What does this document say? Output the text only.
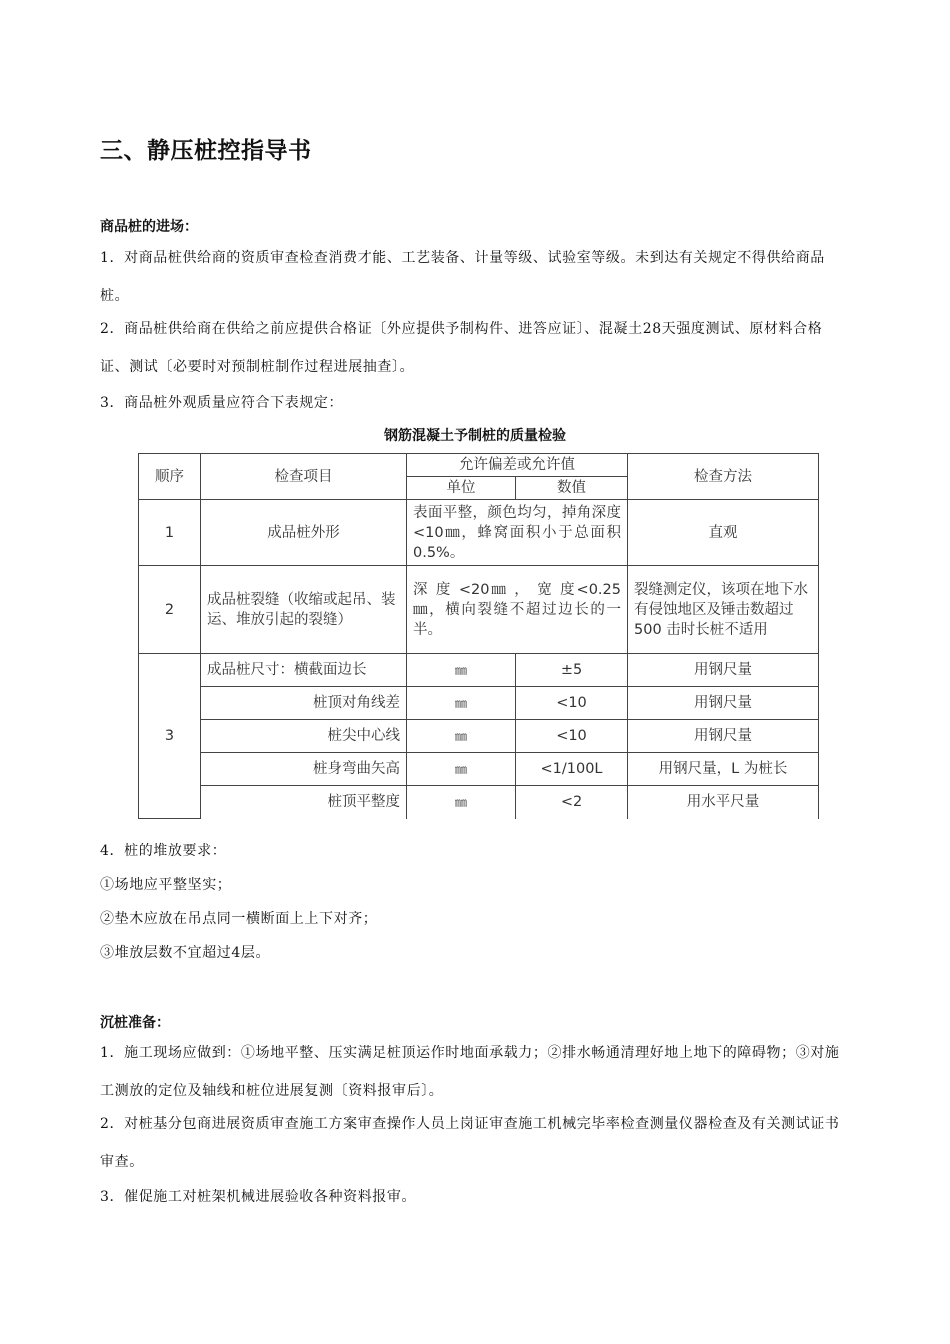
三、静压桩控指导书
商品桩的进场：
1．对商品桩供给商的资质审查检查消费才能、工艺装备、计量等级、试验室等级。未到达有关规定不得供给商品桩。
2．商品桩供给商在供给之前应提供合格证〔外应提供予制构件、进答应证〕、混凝土28天强度测试、原材料合格证、测试〔必要时对预制桩制作过程进展抽查〕。
3．商品桩外观质量应符合下表规定：
钢筋混凝土予制桩的质量检验
顺序	检查项目	允许偏差或允许值		检查方法
		单位	数值	
1	成品桩外形	表面平整，颜色均匀，掉角深度<10㎜，蜂窝面积小于总面积 0.5%。		直观
2	成品桩裂缝（收缩或起吊、装运、堆放引起的裂缝）	深 度 <20㎜ ， 宽 度<0.25㎜，横向裂缝不超过边长的一半。		裂缝测定仪，该项在地下水有侵蚀地区及锤击数超过 500 击时长桩不适用
3	成品桩尺寸：横截面边长	㎜	±5	用钢尺量
	桩顶对角线差	㎜	<10	用钢尺量
	桩尖中心线	㎜	<10	用钢尺量
	桩身弯曲矢高	㎜	<1/100L	用钢尺量，L 为桩长
	桩顶平整度	㎜	<2	用水平尺量
4．桩的堆放要求：
①场地应平整坚实；
②垫木应放在吊点同一横断面上上下对齐；
③堆放层数不宜超过4层。
沉桩准备：
1．施工现场应做到：①场地平整、压实满足桩顶运作时地面承载力；②排水畅通清理好地上地下的障碍物；③对施工测放的定位及轴线和桩位进展复测〔资料报审后〕。
2．对桩基分包商进展资质审查施工方案审查操作人员上岗证审查施工机械完毕率检查测量仪器检查及有关测试证书审查。
3．催促施工对桩架机械进展验收各种资料报审。
